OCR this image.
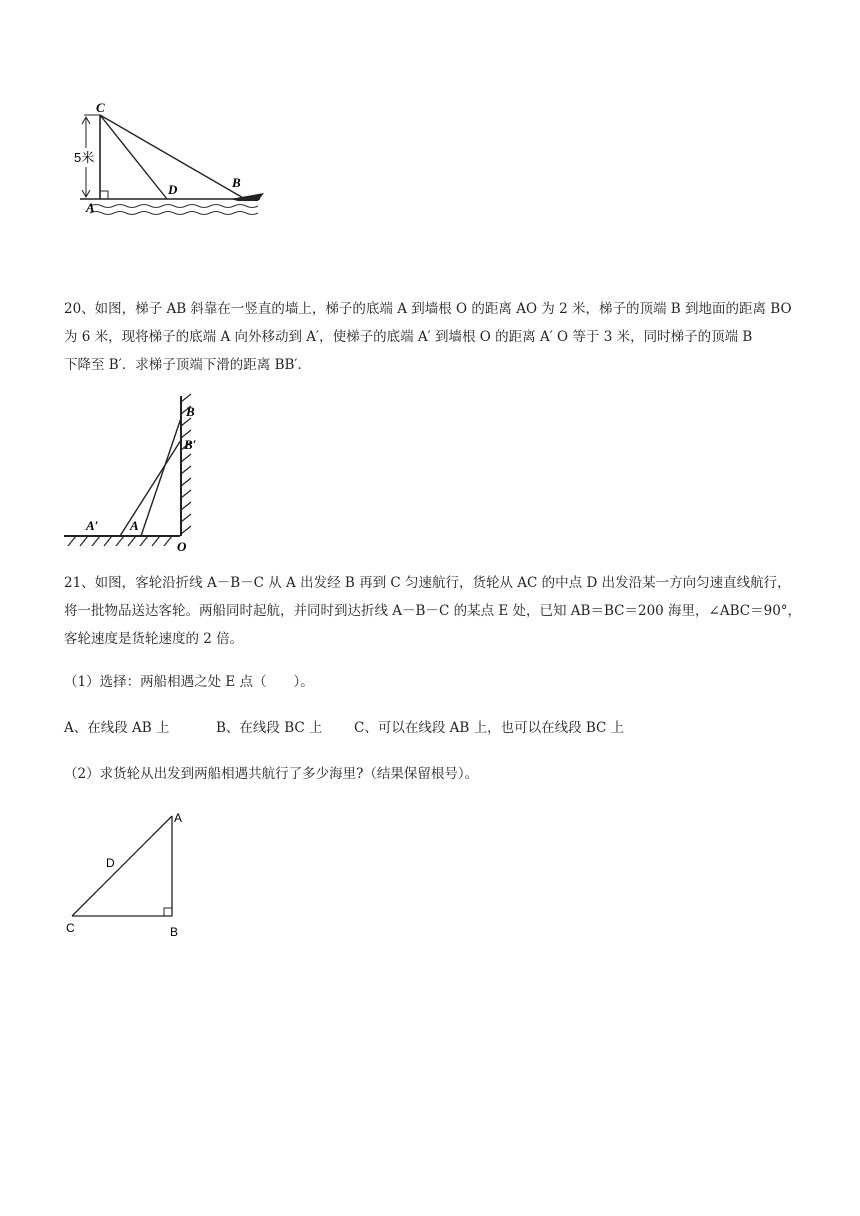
5米
C
A
D	B
20、如图，梯子 AB 斜靠在一竖直的墙上，梯子的底端 A 到墙根 O 的距离 AO 为 2 米，梯子的顶端 B 到地面的距离 BO
为 6 米，现将梯子的底端 A 向外移动到 A′，使梯子的底端 A′ 到墙根 O 的距离 A′ O 等于 3 米，同时梯子的顶端 B
下降至 B′．求梯子顶端下滑的距离 BB′．
B
B′
A′ A
O
21、如图，客轮沿折线 A－B－C 从 A 出发经 B 再到 C 匀速航行，货轮从 AC 的中点 D 出发沿某一方向匀速直线航行，
将一批物品送达客轮。两船同时起航，并同时到达折线 A－B－C 的某点 E 处，已知 AB＝BC＝200 海里，∠ABC＝90°，
客轮速度是货轮速度的 2 倍。
（1）选择：两船相遇之处 E 点（　　）。
A、在线段 AB 上	B、在线段 BC 上 C、可以在线段 AB 上，也可以在线段 BC 上
（2）求货轮从出发到两船相遇共航行了多少海里?（结果保留根号）。
A
D
C	B
